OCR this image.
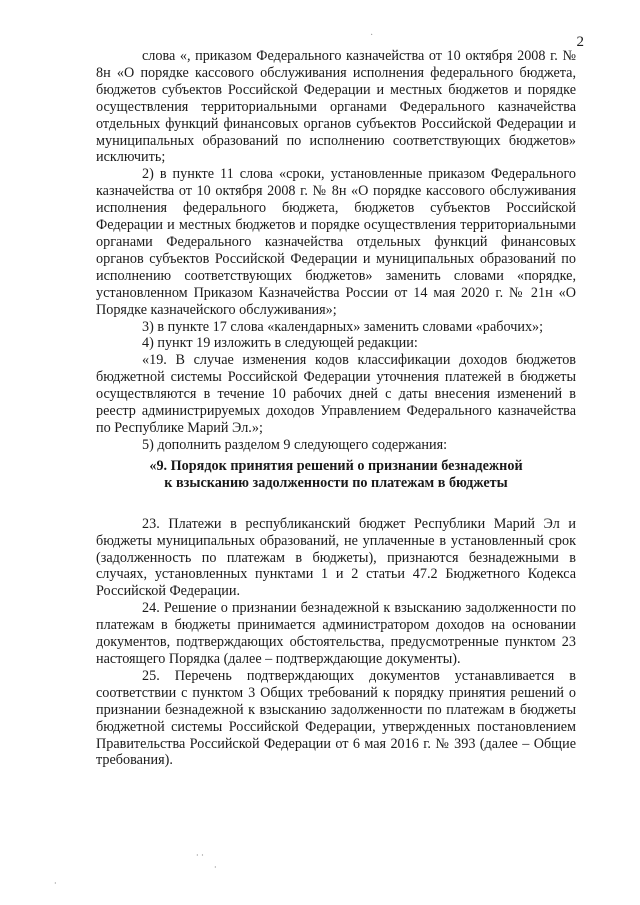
2

слова «, приказом Федерального казначейства от 10 октября 2008 г. № 8н «О порядке кассового обслуживания исполнения федерального бюджета, бюджетов субъектов Российской Федерации и местных бюджетов и порядке осуществления территориальными органами Федерального казначейства отдельных функций финансовых органов субъектов Российской Федерации и муниципальных образований по исполнению соответствующих бюджетов» исключить;

2) в пункте 11 слова «сроки, установленные приказом Федерального казначейства от 10 октября 2008 г. № 8н «О порядке кассового обслуживания исполнения федерального бюджета, бюджетов субъектов Российской Федерации и местных бюджетов и порядке осуществления территориальными органами Федерального казначейства отдельных функций финансовых органов субъектов Российской Федерации и муниципальных образований по исполнению соответствующих бюджетов» заменить словами «порядке, установленном Приказом Казначейства России от 14 мая 2020 г. № 21н «О Порядке казначейского обслуживания»;

3) в пункте 17 слова «календарных» заменить словами «рабочих»;

4) пункт 19 изложить в следующей редакции:

«19. В случае изменения кодов классификации доходов бюджетов бюджетной системы Российской Федерации уточнения платежей в бюджеты осуществляются в течение 10 рабочих дней с даты внесения изменений в реестр администрируемых доходов Управлением Федерального казначейства по Республике Марий Эл.»;

5) дополнить разделом 9 следующего содержания:

«9. Порядок принятия решений о признании безнадежной

к взысканию задолженности по платежам в бюджеты

23. Платежи в республиканский бюджет Республики Марий Эл и бюджеты муниципальных образований, не уплаченные в установленный срок (задолженность по платежам в бюджеты), признаются безнадежными в случаях, установленных пунктами 1 и 2 статьи 47.2 Бюджетного Кодекса Российской Федерации.

24. Решение о признании безнадежной к взысканию задолженности по платежам в бюджеты принимается администратором доходов на основании документов, подтверждающих обстоятельства, предусмотренные пунктом 23 настоящего Порядка (далее – подтверждающие документы).

25. Перечень подтверждающих документов устанавливается в соответствии с пунктом 3 Общих требований к порядку принятия решений о признании безнадежной к взысканию задолженности по платежам в бюджеты бюджетной системы Российской Федерации, утвержденных постановлением Правительства Российской Федерации от 6 мая 2016 г. № 393 (далее – Общие требования).

·
⸳ ⸳
⸳
⸳
